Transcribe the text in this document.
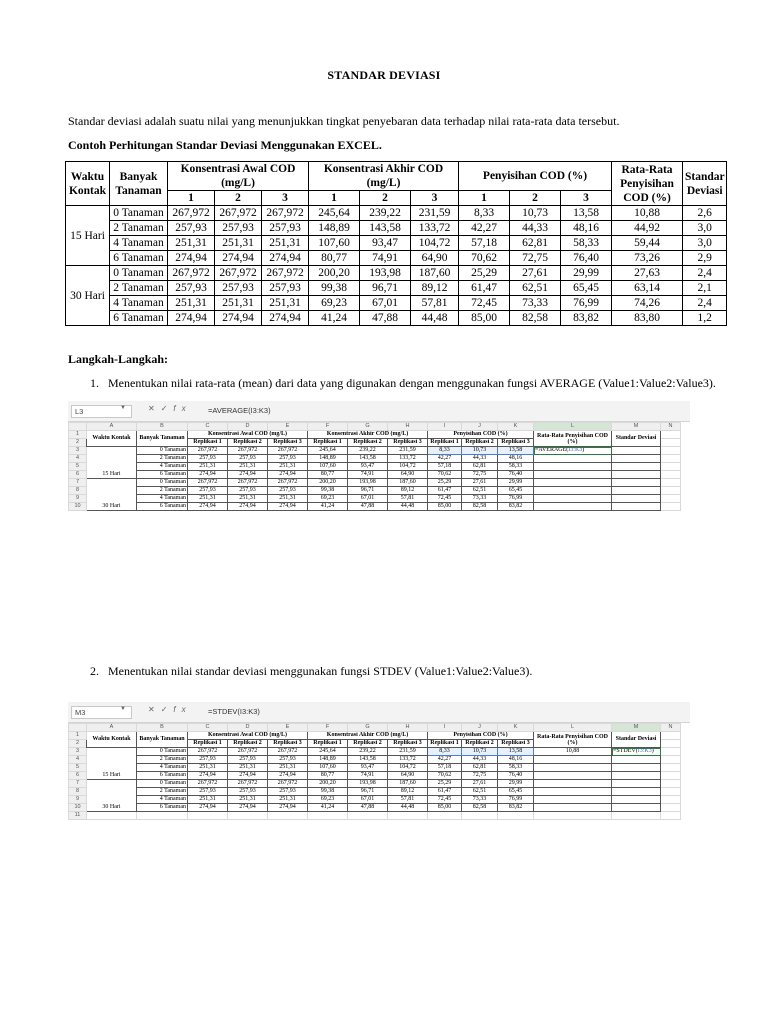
STANDAR DEVIASI
Standar deviasi adalah suatu nilai yang menunjukkan tingkat penyebaran data terhadap nilai rata-rata data tersebut.
Contoh Perhitungan Standar Deviasi Menggunakan EXCEL.
Waktu Kontak	Banyak Tanaman	Konsentrasi Awal COD (mg/L)			Konsentrasi Akhir COD (mg/L)			Penyisihan COD (%)			Rata-Rata Penyisihan COD (%)	Standar Deviasi
		1	2	3	1	2	3	1	2	3		
15 Hari	0 Tanaman	267,972	267,972	267,972	245,64	239,22	231,59	8,33	10,73	13,58	10,88	2,6
	2 Tanaman	257,93	257,93	257,93	148,89	143,58	133,72	42,27	44,33	48,16	44,92	3,0
	4 Tanaman	251,31	251,31	251,31	107,60	93,47	104,72	57,18	62,81	58,33	59,44	3,0
	6 Tanaman	274,94	274,94	274,94	80,77	74,91	64,90	70,62	72,75	76,40	73,26	2,9
30 Hari	0 Tanaman	267,972	267,972	267,972	200,20	193,98	187,60	25,29	27,61	29,99	27,63	2,4
	2 Tanaman	257,93	257,93	257,93	99,38	96,71	89,12	61,47	62,51	65,45	63,14	2,1
	4 Tanaman	251,31	251,31	251,31	69,23	67,01	57,81	72,45	73,33	76,99	74,26	2,4
	6 Tanaman	274,94	274,94	274,94	41,24	47,88	44,48	85,00	82,58	83,82	83,80	1,2
Langkah-Langkah:
1.   Menentukan nilai rata-rata (mean) dari data yang digunakan dengan menggunakan fungsi AVERAGE (Value1:Value2:Value3).
L3	▼	✕✓fx =AVERAGE(I3:K3)
	A	B	C	D	E	F	G	H	I	J	K	L	M	N
1	Waktu Kontak	Banyak Tanaman	Konsentrasi Awal COD (mg/L)			Konsentrasi Akhir COD (mg/L)			Penyisihan COD (%)			Rata-Rata Penyisihan COD (%)	Standar Deviasi	
2			Replikasi 1	Replikasi 2	Replikasi 3	Replikasi 1	Replikasi 2	Replikasi 3	Replikasi 1	Replikasi 2	Replikasi 3			
3		0 Tanaman	267,972	267,972	267,972	245,64	239,22	231,59	8,33	10,73	13,58	=AVERAGE(I3:K3)		
4		2 Tanaman	257,93	257,93	257,93	148,89	143,58	133,72	42,27	44,33	48,16			
5		4 Tanaman	251,31	251,31	251,31	107,60	93,47	104,72	57,18	62,81	58,33			
6	15 Hari	6 Tanaman	274,94	274,94	274,94	80,77	74,91	64,90	70,62	72,75	76,40			
7		0 Tanaman	267,972	267,972	267,972	200,20	193,98	187,60	25,29	27,61	29,99			
8		2 Tanaman	257,93	257,93	257,93	99,38	96,71	89,12	61,47	62,51	65,45			
9		4 Tanaman	251,31	251,31	251,31	69,23	67,01	57,81	72,45	73,33	76,99			
10	30 Hari	6 Tanaman	274,94	274,94	274,94	41,24	47,88	44,48	85,00	82,58	83,82			
2.   Menentukan nilai standar deviasi menggunakan fungsi STDEV (Value1:Value2:Value3).
M3	▼	✕✓fx =STDEV(I3:K3)
	A	B	C	D	E	F	G	H	I	J	K	L	M	N
1	Waktu Kontak	Banyak Tanaman	Konsentrasi Awal COD (mg/L)			Konsentrasi Akhir COD (mg/L)			Penyisihan COD (%)			Rata-Rata Penyisihan COD (%)	Standar Deviasi	
2			Replikasi 1	Replikasi 2	Replikasi 3	Replikasi 1	Replikasi 2	Replikasi 3	Replikasi 1	Replikasi 2	Replikasi 3			
3		0 Tanaman	267,972	267,972	267,972	245,64	239,22	231,59	8,33	10,73	13,58	10,88	=STDEV(I3:K3)	
4		2 Tanaman	257,93	257,93	257,93	148,89	143,58	133,72	42,27	44,33	48,16			
5		4 Tanaman	251,31	251,31	251,31	107,60	93,47	104,72	57,18	62,81	58,33			
6	15 Hari	6 Tanaman	274,94	274,94	274,94	80,77	74,91	64,90	70,62	72,75	76,40			
7		0 Tanaman	267,972	267,972	267,972	200,20	193,98	187,60	25,29	27,61	29,99			
8		2 Tanaman	257,93	257,93	257,93	99,38	96,71	89,12	61,47	62,51	65,45			
9		4 Tanaman	251,31	251,31	251,31	69,23	67,01	57,81	72,45	73,33	76,99			
10	30 Hari	6 Tanaman	274,94	274,94	274,94	41,24	47,88	44,48	85,00	82,58	83,82			
11														
